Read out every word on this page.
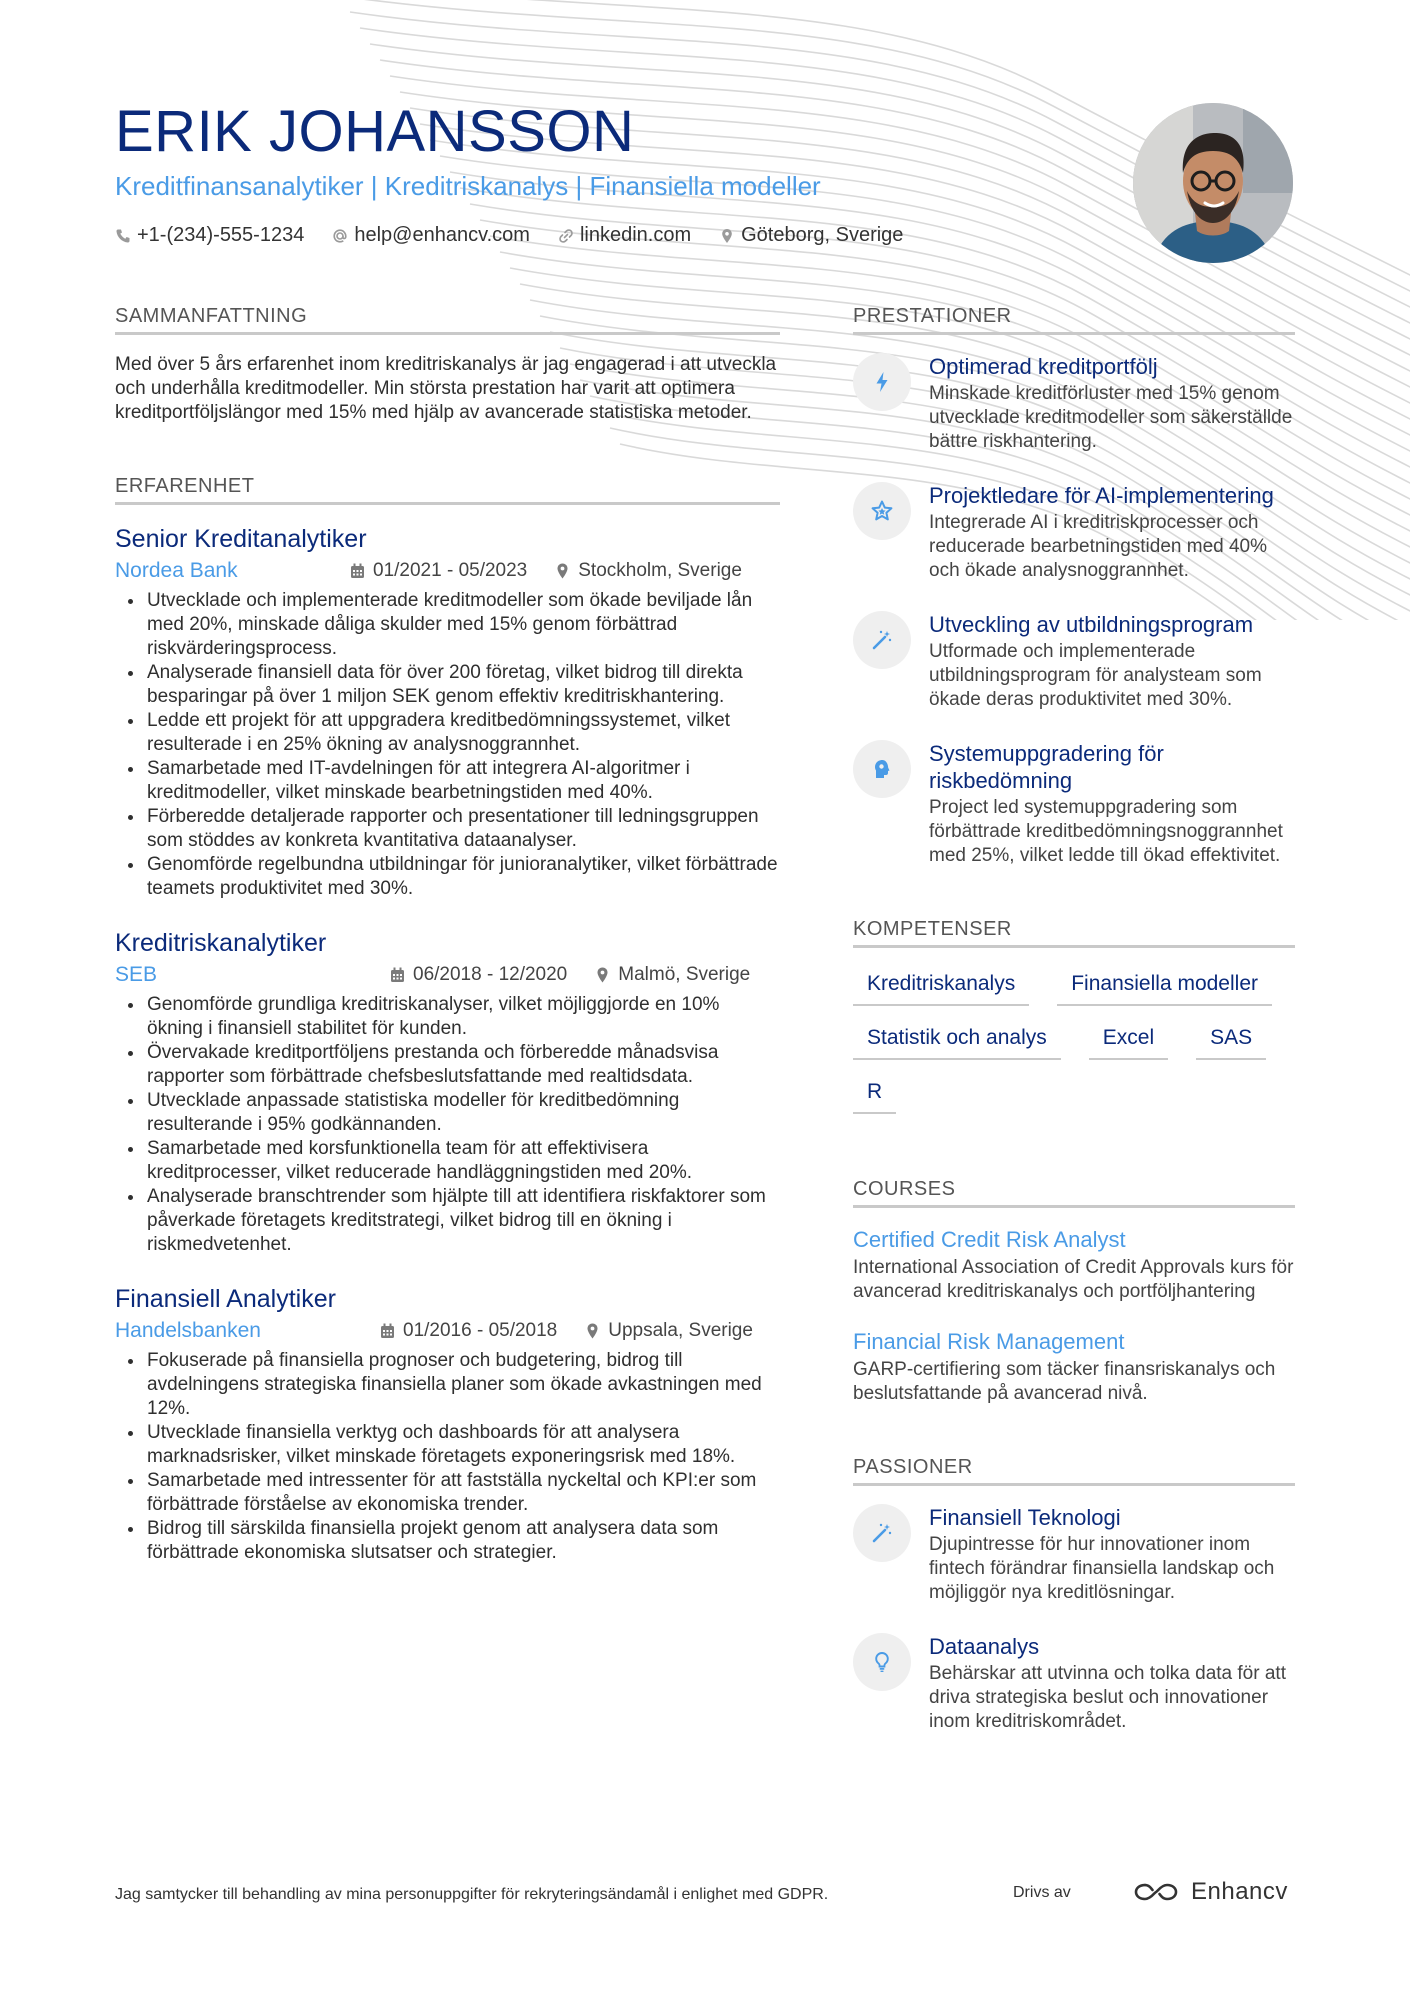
ERIK JOHANSSON
Kreditfinansanalytiker | Kreditriskanalys | Finansiella modeller
+1-(234)-555-1234	help@enhancv.com	linkedin.com	Göteborg, Sverige
SAMMANFATTNING

Med över 5 års erfarenhet inom kreditriskanalys är jag engagerad i att utveckla och underhålla kreditmodeller. Min största prestation har varit att optimera kreditportföljslängor med 15% med hjälp av avancerade statistiska metoder.

ERFARENHET
Senior Kreditanalytiker
Nordea Bank	01/2021 - 05/2023	Stockholm, Sverige
• Utvecklade och implementerade kreditmodeller som ökade beviljade lån med 20%, minskade dåliga skulder med 15% genom förbättrad riskvärderingsprocess.
• Analyserade finansiell data för över 200 företag, vilket bidrog till direkta besparingar på över 1 miljon SEK genom effektiv kreditriskhantering.
• Ledde ett projekt för att uppgradera kreditbedömningssystemet, vilket resulterade i en 25% ökning av analysnoggrannhet.
• Samarbetade med IT-avdelningen för att integrera AI-algoritmer i kreditmodeller, vilket minskade bearbetningstiden med 40%.
• Förberedde detaljerade rapporter och presentationer till ledningsgruppen som stöddes av konkreta kvantitativa dataanalyser.
• Genomförde regelbundna utbildningar för junioranalytiker, vilket förbättrade teamets produktivitet med 30%.
Kreditriskanalytiker
SEB	06/2018 - 12/2020	Malmö, Sverige
• Genomförde grundliga kreditriskanalyser, vilket möjliggjorde en 10% ökning i finansiell stabilitet för kunden.
• Övervakade kreditportföljens prestanda och förberedde månadsvisa rapporter som förbättrade chefsbeslutsfattande med realtidsdata.
• Utvecklade anpassade statistiska modeller för kreditbedömning resulterande i 95% godkännanden.
• Samarbetade med korsfunktionella team för att effektivisera kreditprocesser, vilket reducerade handläggningstiden med 20%.
• Analyserade branschtrender som hjälpte till att identifiera riskfaktorer som påverkade företagets kreditstrategi, vilket bidrog till en ökning i riskmedvetenhet.
Finansiell Analytiker
Handelsbanken	01/2016 - 05/2018	Uppsala, Sverige
• Fokuserade på finansiella prognoser och budgetering, bidrog till avdelningens strategiska finansiella planer som ökade avkastningen med 12%.
• Utvecklade finansiella verktyg och dashboards för att analysera marknadsrisker, vilket minskade företagets exponeringsrisk med 18%.
• Samarbetade med intressenter för att fastställa nyckeltal och KPI:er som förbättrade förståelse av ekonomiska trender.
• Bidrog till särskilda finansiella projekt genom att analysera data som förbättrade ekonomiska slutsatser och strategier.
PRESTATIONER
Optimerad kreditportfölj
Minskade kreditförluster med 15% genom utvecklade kreditmodeller som säkerställde bättre riskhantering.
Projektledare för AI-implementering
Integrerade AI i kreditriskprocesser och reducerade bearbetningstiden med 40% och ökade analysnoggrannhet.
Utveckling av utbildningsprogram
Utformade och implementerade utbildningsprogram för analysteam som ökade deras produktivitet med 30%.
Systemuppgradering för riskbedömning
Project led systemuppgradering som förbättrade kreditbedömningsnoggrannhet med 25%, vilket ledde till ökad effektivitet.
KOMPETENSER
Kreditriskanalys	Finansiella modeller
Statistik och analys	Excel	SAS
R
COURSES
Certified Credit Risk Analyst
International Association of Credit Approvals kurs för avancerad kreditriskanalys och portföljhantering
Financial Risk Management
GARP-certifiering som täcker finansriskanalys och beslutsfattande på avancerad nivå.
PASSIONER
Finansiell Teknologi
Djupintresse för hur innovationer inom fintech förändrar finansiella landskap och möjliggör nya kreditlösningar.
Dataanalys
Behärskar att utvinna och tolka data för att driva strategiska beslut och innovationer inom kreditriskområdet.
Jag samtycker till behandling av mina personuppgifter för rekryteringsändamål i enlighet med GDPR.	Drivs av	Enhancv
